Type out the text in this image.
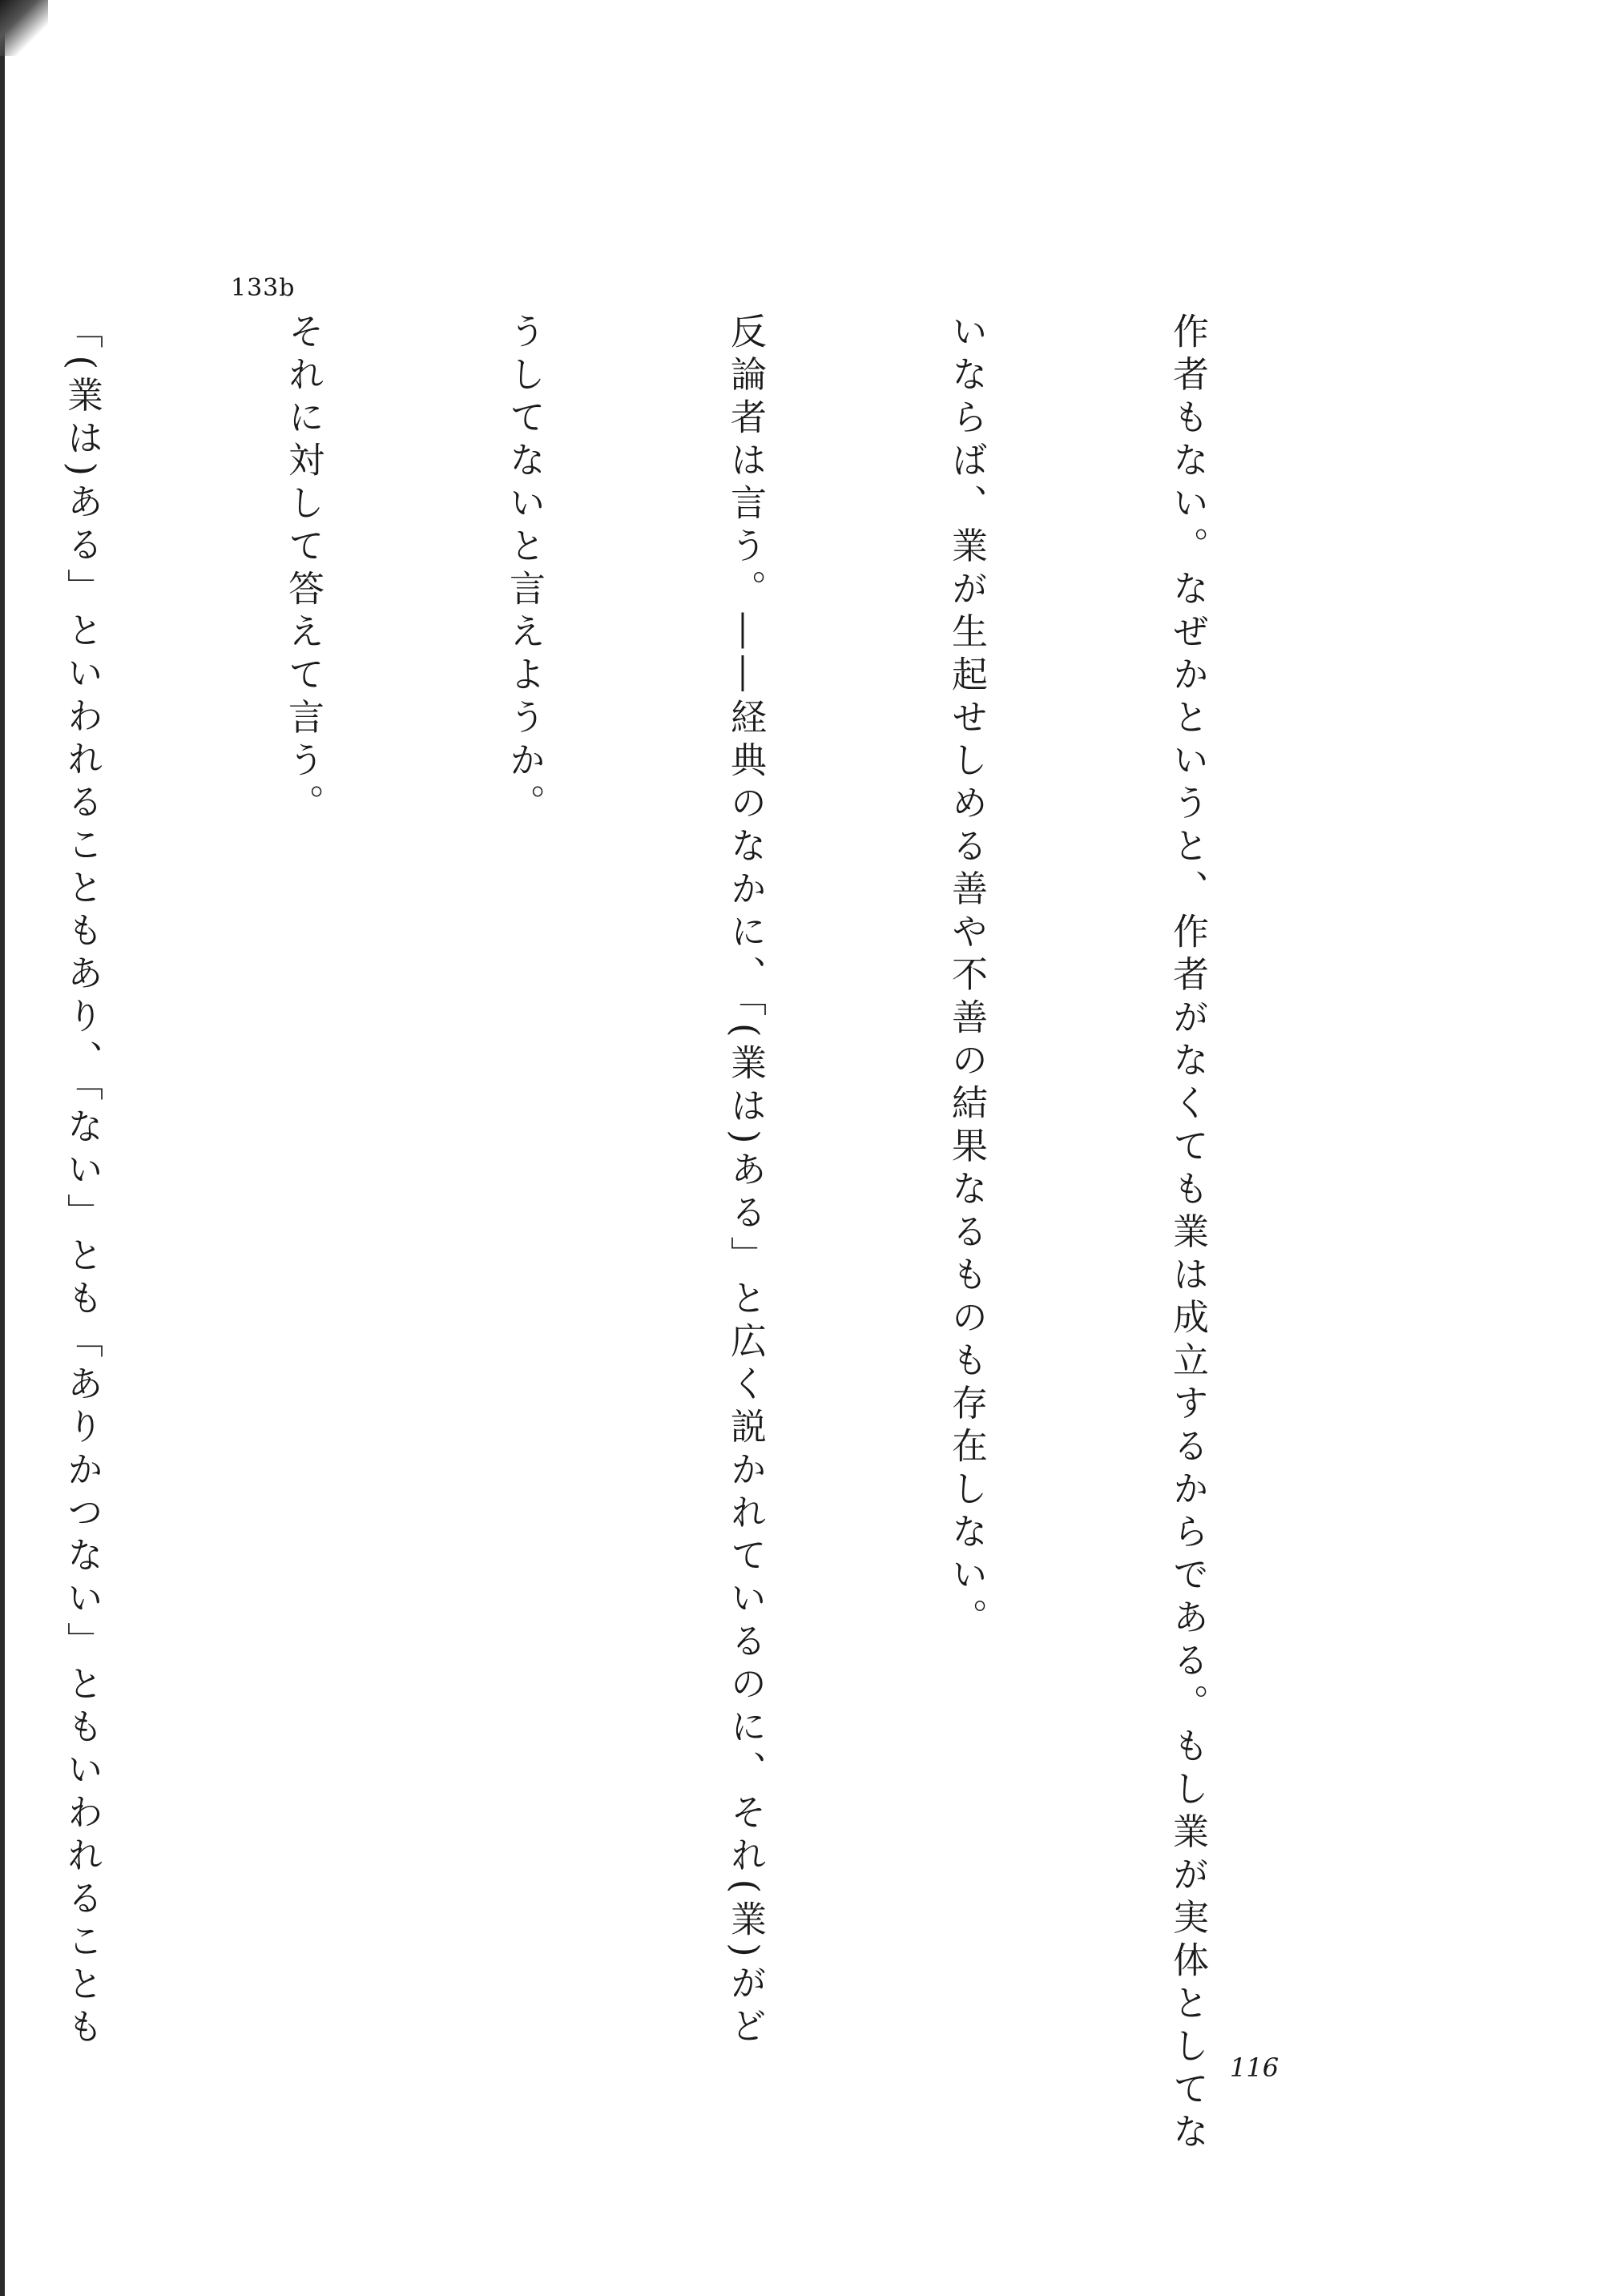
133b

作者もない。なぜかというと、作者がなくても業は成立するからである。もし業が実体としてな

いならば、業が生起せしめる善や不善の結果なるものも存在しない。

反論者は言う。――経典のなかに、「(業は)ある」と広く説かれているのに、それ(業)がど

うしてないと言えようか。

それに対して答えて言う。

「(業は)ある」といわれることもあり、「ない」とも「ありかつない」ともいわれることも

116
